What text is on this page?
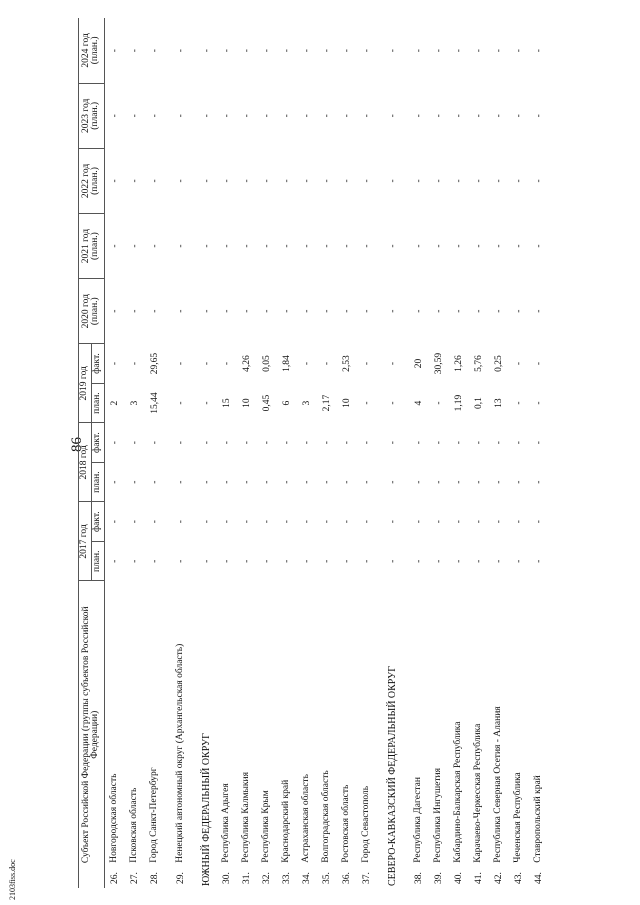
86
2103fiss.doc
Субъект Российской Федерации (группы субъектов Российской Федерации)		2017 год		2018 год		2019 год		2020 год (план.)	2021 год (план.)	2022 год (план.)	2023 год (план.)	2024 год (план.)
		план.	факт.	план.	факт.	план.	факт.					
26.	Новгородская область	-	-	-	-	2	-	-	-	-	-	-
27.	Псковская область	-	-	-	-	3	-	-	-	-	-	-
28.	Город Санкт-Петербург	-	-	-	-	15,44	29,65	-	-	-	-	-
29.	Ненецкий автономный округ (Архангельская область)	-	-	-	-	-	-	-	-	-	-	-
ЮЖНЫЙ ФЕДЕРАЛЬНЫЙ ОКРУГ		-	-	-	-	-	-	-	-	-	-	-
30.	Республика Адыгея	-	-	-	-	15	-	-	-	-	-	-
31.	Республика Калмыкия	-	-	-	-	10	4,26	-	-	-	-	-
32.	Республика Крым	-	-	-	-	0,45	0,05	-	-	-	-	-
33.	Краснодарский край	-	-	-	-	6	1,84	-	-	-	-	-
34.	Астраханская область	-	-	-	-	3	-	-	-	-	-	-
35.	Волгоградская область	-	-	-	-	2,17	-	-	-	-	-	-
36.	Ростовская область	-	-	-	-	10	2,53	-	-	-	-	-
37.	Город Севастополь	-	-	-	-	-	-	-	-	-	-	-
СЕВЕРО-КАВКАЗСКИЙ ФЕДЕРАЛЬНЫЙ ОКРУГ		-	-	-	-	-	-	-	-	-	-	-
38.	Республика Дагестан	-	-	-	-	4	20	-	-	-	-	-
39.	Республика Ингушетия	-	-	-	-	-	30,59	-	-	-	-	-
40.	Кабардино-Балкарская Республика	-	-	-	-	1,19	1,26	-	-	-	-	-
41.	Карачаево-Черкесская Республика	-	-	-	-	0,1	5,76	-	-	-	-	-
42.	Республика Северная Осетия - Алания	-	-	-	-	13	0,25	-	-	-	-	-
43.	Чеченская Республика	-	-	-	-	-	-	-	-	-	-	-
44.	Ставропольский край	-	-	-	-	-	-	-	-	-	-	-
